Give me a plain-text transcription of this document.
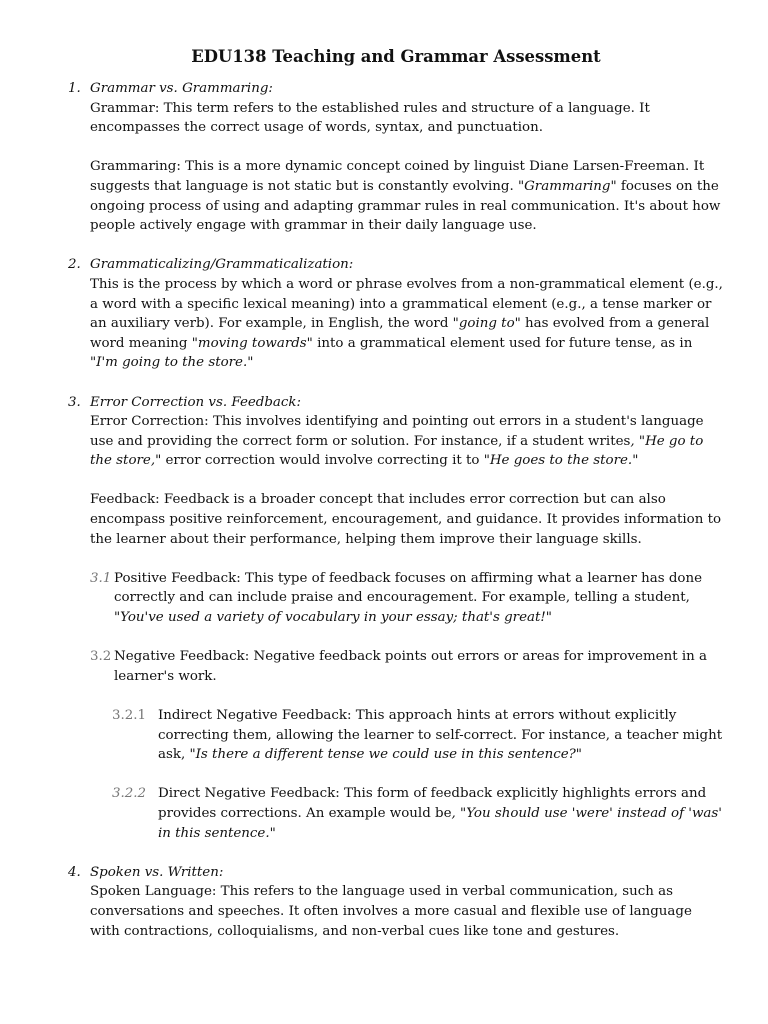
EDU138 Teaching and Grammar Assessment
1. Grammar vs. Grammaring:

Grammar: This term refers to the established rules and structure of a language. It encompasses the correct usage of words, syntax, and punctuation.

Grammaring: This is a more dynamic concept coined by linguist Diane Larsen-Freeman. It suggests that language is not static but is constantly evolving. "Grammaring" focuses on the ongoing process of using and adapting grammar rules in real communication. It's about how people actively engage with grammar in their daily language use.

2. Grammaticalizing/Grammaticalization:

This is the process by which a word or phrase evolves from a non-grammatical element (e.g., a word with a specific lexical meaning) into a grammatical element (e.g., a tense marker or an auxiliary verb). For example, in English, the word "going to" has evolved from a general word meaning "moving towards" into a grammatical element used for future tense, as in "I'm going to the store."

3. Error Correction vs. Feedback:

Error Correction: This involves identifying and pointing out errors in a student's language use and providing the correct form or solution. For instance, if a student writes, "He go to the store," error correction would involve correcting it to "He goes to the store."

Feedback: Feedback is a broader concept that includes error correction but can also encompass positive reinforcement, encouragement, and guidance. It provides information to the learner about their performance, helping them improve their language skills.

3.1 Positive Feedback: This type of feedback focuses on affirming what a learner has done correctly and can include praise and encouragement. For example, telling a student, "You've used a variety of vocabulary in your essay; that's great!"

3.2 Negative Feedback: Negative feedback points out errors or areas for improvement in a learner's work.

3.2.1 Indirect Negative Feedback: This approach hints at errors without explicitly correcting them, allowing the learner to self-correct. For instance, a teacher might ask, "Is there a different tense we could use in this sentence?"

3.2.2 Direct Negative Feedback: This form of feedback explicitly highlights errors and provides corrections. An example would be, "You should use 'were' instead of 'was' in this sentence."

4. Spoken vs. Written:

Spoken Language: This refers to the language used in verbal communication, such as conversations and speeches. It often involves a more casual and flexible use of language with contractions, colloquialisms, and non-verbal cues like tone and gestures.
